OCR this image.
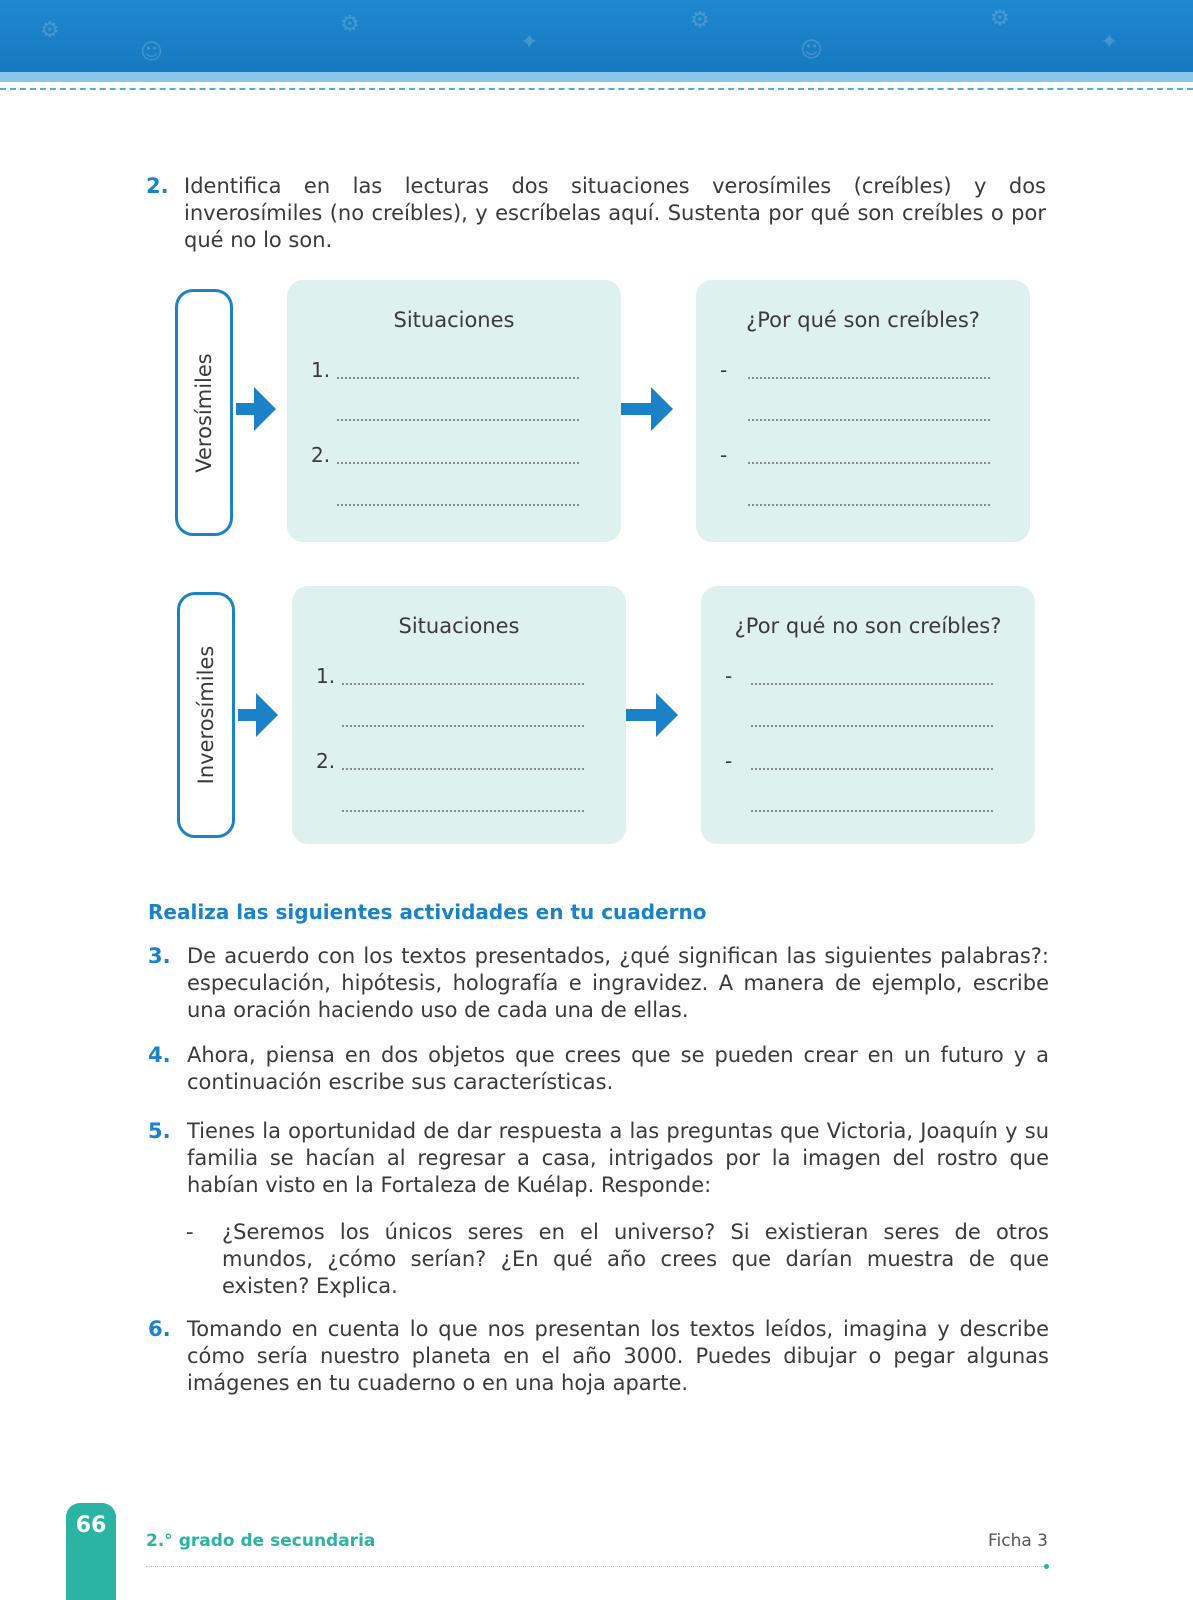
⚙
☺
⚙
✦
⚙
☺
⚙
✦
2. Identifica en las lecturas dos situaciones verosímiles (creíbles) y dos inverosímiles (no creíbles), y escríbelas aquí. Sustenta por qué son creíbles o por qué no lo son.
Verosímiles
Situaciones
1.
2.
¿Por qué son creíbles?
-
-
Inverosímiles
Situaciones
1.
2.
¿Por qué no son creíbles?
-
-
Realiza las siguientes actividades en tu cuaderno
3. De acuerdo con los textos presentados, ¿qué significan las siguientes palabras?: especulación, hipótesis, holografía e ingravidez. A manera de ejemplo, escribe una oración haciendo uso de cada una de ellas.
4. Ahora, piensa en dos objetos que crees que se pueden crear en un futuro y a continuación escribe sus características.
5. Tienes la oportunidad de dar respuesta a las preguntas que Victoria, Joaquín y su familia se hacían al regresar a casa, intrigados por la imagen del rostro que habían visto en la Fortaleza de Kuélap. Responde:
- ¿Seremos los únicos seres en el universo? Si existieran seres de otros mundos, ¿cómo serían? ¿En qué año crees que darían muestra de que existen? Explica.
6. Tomando en cuenta lo que nos presentan los textos leídos, imagina y describe cómo sería nuestro planeta en el año 3000. Puedes dibujar o pegar algunas imágenes en tu cuaderno o en una hoja aparte.
66
2.° grado de secundaria	Ficha 3
